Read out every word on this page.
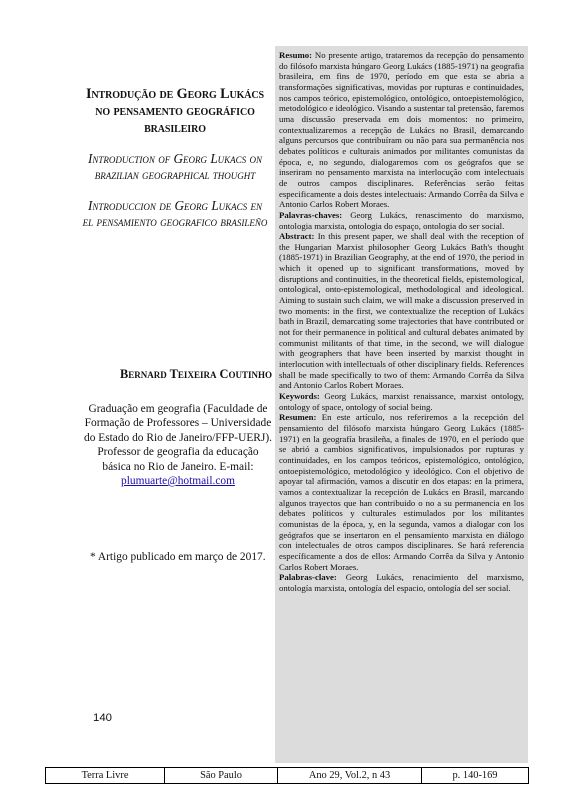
Introdução de Georg Lukács no pensamento geográfico brasileiro

Introduction of Georg Lukacs on brazilian geographical thought

Introduccion de Georg Lukacs en el pensamiento geografico brasileño

Bernard Teixeira Coutinho
Graduação em geografia (Faculdade de Formação de Professores – Universidade do Estado do Rio de Janeiro/FFP-UERJ). Professor de geografia da educação básica no Rio de Janeiro. E-mail:
plumuarte@hotmail.com
* Artigo publicado em março de 2017.
140

Resumo: No presente artigo, trataremos da recepção do pensamento do filósofo marxista húngaro Georg Lukács (1885-1971) na geografia brasileira, em fins de 1970, período em que esta se abria a transformações significativas, movidas por rupturas e continuidades, nos campos teórico, epistemológico, ontológico, ontoepistemológico, metodológico e ideológico. Visando a sustentar tal pretensão, faremos uma discussão preservada em dois momentos: no primeiro, contextualizaremos a recepção de Lukács no Brasil, demarcando alguns percursos que contribuíram ou não para sua permanência nos debates políticos e culturais animados por militantes comunistas da época, e, no segundo, dialogaremos com os geógrafos que se inseriram no pensamento marxista na interlocução com intelectuais de outros campos disciplinares. Referências serão feitas especificamente a dois destes intelectuais: Armando Corrêa da Silva e Antonio Carlos Robert Moraes.

Palavras-chaves: Georg Lukács, renascimento do marxismo, ontologia marxista, ontologia do espaço, ontologia do ser social.

Abstract: In this present paper, we shall deal with the reception of the Hungarian Marxist philosopher Georg Lukács Bath's thought (1885-1971) in Brazilian Geography, at the end of 1970, the period in which it opened up to significant transformations, moved by disruptions and continuities, in the theoretical fields, epistemological, ontological, onto-epistemological, methodological and ideological. Aiming to sustain such claim, we will make a discussion preserved in two moments: in the first, we contextualize the reception of Lukács bath in Brazil, demarcating some trajectories that have contributed or not for their permanence in political and cultural debates animated by communist militants of that time, in the second, we will dialogue with geographers that have been inserted by marxist thought in interlocution with intellectuals of other disciplinary fields. References shall be made specifically to two of them: Armando Corrêa da Silva and Antonio Carlos Robert Moraes.

Keywords: Georg Lukács, marxist renaissance, marxist ontology, ontology of space, ontology of social being.

Resumen: En este artículo, nos referiremos a la recepción del pensamiento del filósofo marxista húngaro Georg Lukács (1885-1971) en la geografía brasileña, a finales de 1970, en el período que se abrió a cambios significativos, impulsionados por rupturas y continuidades, en los campos teóricos, epistemológico, ontológico, ontoepistemológico, metodológico y ideológico. Con el objetivo de apoyar tal afirmación, vamos a discutir en dos etapas: en la primera, vamos a contextualizar la recepción de Lukács en Brasil, marcando algunos trayectos que han contribuido o no a su permanencia en los debates políticos y culturales estimulados por los militantes comunistas de la época, y, en la segunda, vamos a dialogar con los geógrafos que se insertaron en el pensamiento marxista en diálogo con intelectuales de otros campos disciplinares. Se hará referencia específicamente a dos de ellos: Armando Corrêa da Silva y Antonio Carlos Robert Moraes.

Palabras-clave: Georg Lukács, renacimiento del marxismo, ontología marxista, ontología del espacio, ontología del ser social.

Terra Livre	São Paulo	Ano 29, Vol.2, n 43	p. 140-169
